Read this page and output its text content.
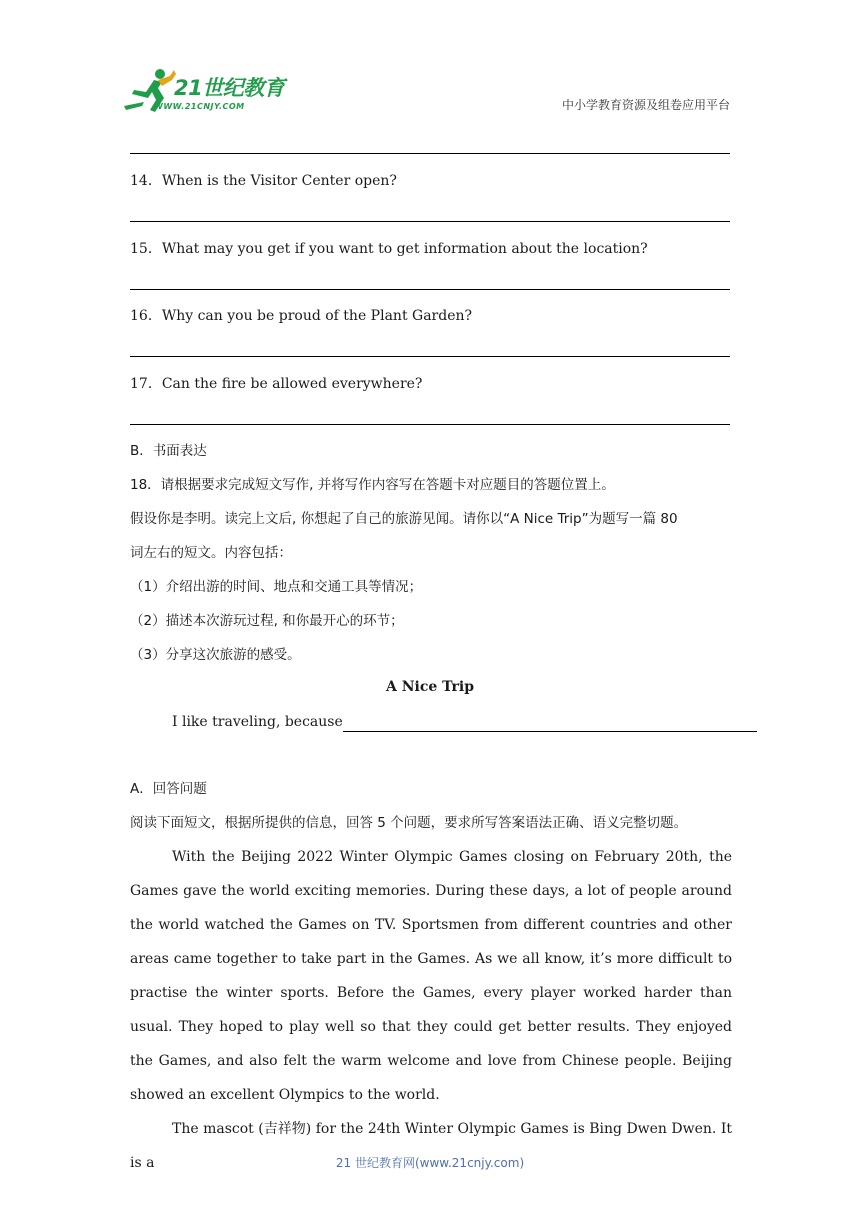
21世纪教育
WWW.21CNJY.COM	中小学教育资源及组卷应用平台
14．When is the Visitor Center open?
15．What may you get if you want to get information about the location?
16．Why can you be proud of the Plant Garden?
17．Can the fire be allowed everywhere?
B．书面表达
18．请根据要求完成短文写作, 并将写作内容写在答题卡对应题目的答题位置上。
假设你是李明。读完上文后, 你想起了自己的旅游见闻。请你以“A Nice Trip”为题写一篇 80
词左右的短文。内容包括：
（1）介绍出游的时间、地点和交通工具等情况；
（2）描述本次游玩过程, 和你最开心的环节；
（3）分享这次旅游的感受。
A Nice Trip
I like traveling, because
A．回答问题
阅读下面短文，根据所提供的信息，回答 5 个问题，要求所写答案语法正确、语义完整切题。

With the Beijing 2022 Winter Olympic Games closing on February 20th, the Games gave the world exciting memories. During these days, a lot of people around the world watched the Games on TV. Sportsmen from different countries and other areas came together to take part in the Games. As we all know, it’s more difficult to practise the winter sports. Before the Games, every player worked harder than usual. They hoped to play well so that they could get better results. They enjoyed the Games, and also felt the warm welcome and love from Chinese people. Beijing showed an excellent Olympics to the world.

The mascot (吉祥物) for the 24th Winter Olympic Games is Bing Dwen Dwen. It is a	21 世纪教育网(www.21cnjy.com)
